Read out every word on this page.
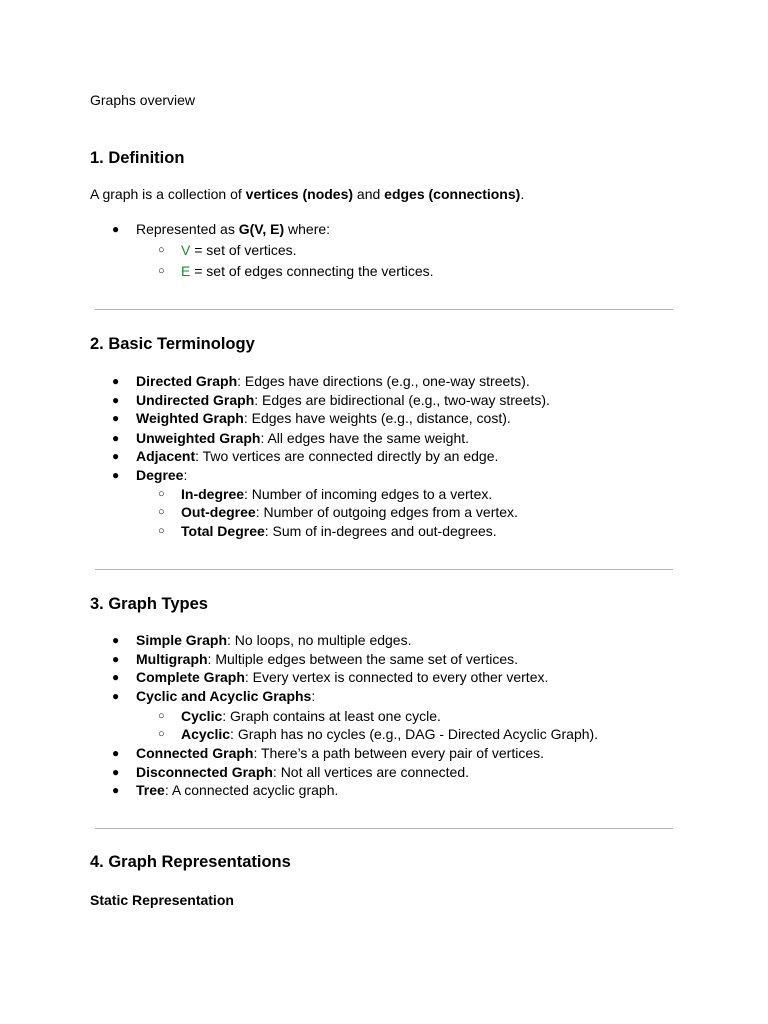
Graphs overview
1. Definition
A graph is a collection of vertices (nodes) and edges (connections).
● Represented as G(V, E) where:
○ V = set of vertices.
○ E = set of edges connecting the vertices.
2. Basic Terminology
● Directed Graph: Edges have directions (e.g., one-way streets).
● Undirected Graph: Edges are bidirectional (e.g., two-way streets).
● Weighted Graph: Edges have weights (e.g., distance, cost).
● Unweighted Graph: All edges have the same weight.
● Adjacent: Two vertices are connected directly by an edge.
● Degree:
○ In-degree: Number of incoming edges to a vertex.
○ Out-degree: Number of outgoing edges from a vertex.
○ Total Degree: Sum of in-degrees and out-degrees.
3. Graph Types
● Simple Graph: No loops, no multiple edges.
● Multigraph: Multiple edges between the same set of vertices.
● Complete Graph: Every vertex is connected to every other vertex.
● Cyclic and Acyclic Graphs:
○ Cyclic: Graph contains at least one cycle.
○ Acyclic: Graph has no cycles (e.g., DAG - Directed Acyclic Graph).
● Connected Graph: There’s a path between every pair of vertices.
● Disconnected Graph: Not all vertices are connected.
● Tree: A connected acyclic graph.
4. Graph Representations
Static Representation
